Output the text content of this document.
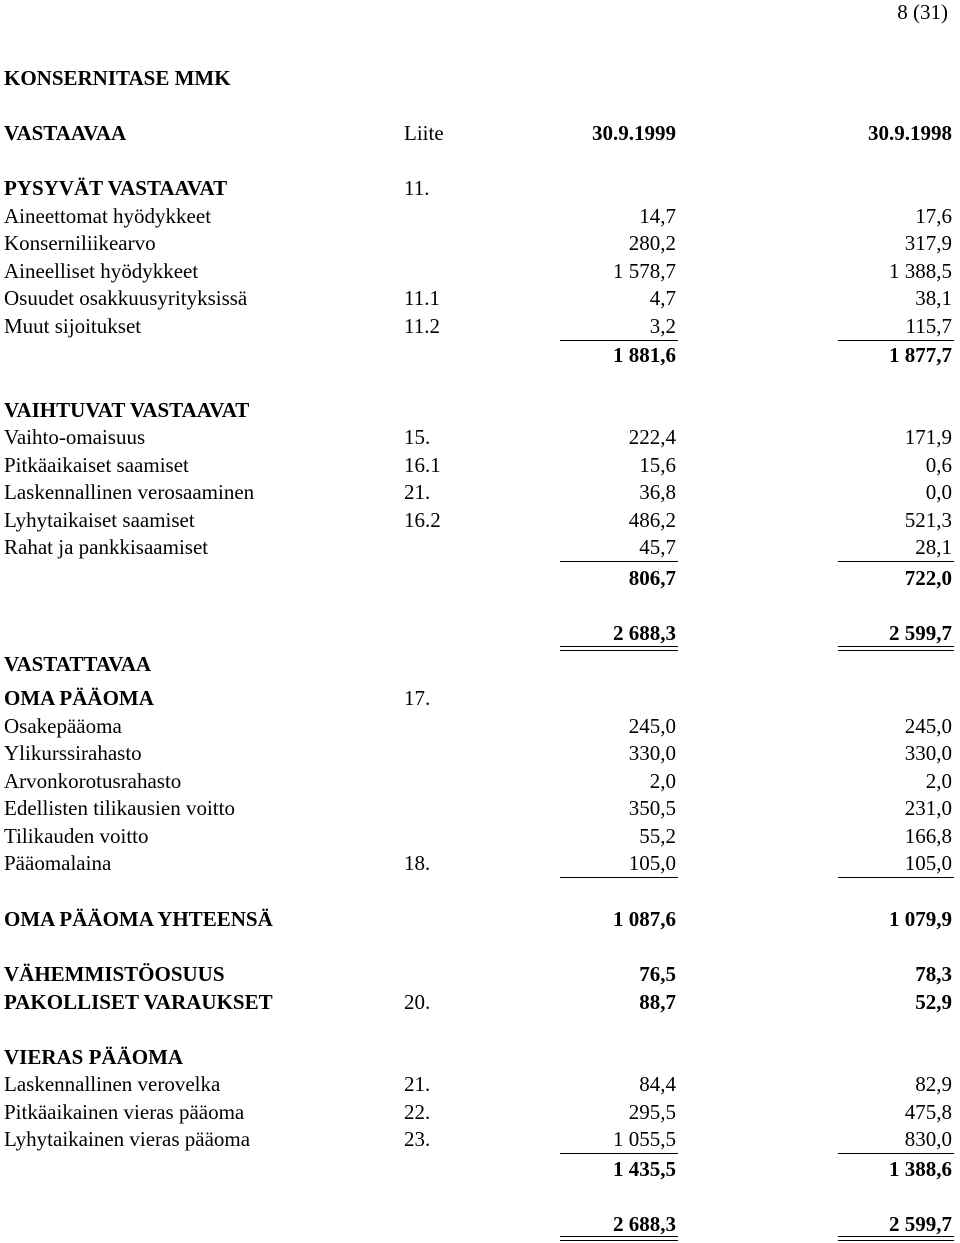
8 (31)
KONSERNITASE MMK
VASTAAVAA	Liite	30.9.1999	30.9.1998
PYSYVÄT VASTAAVAT	11.
Aineettomat hyödykkeet	14,7	17,6
Konserniliikearvo	280,2	317,9
Aineelliset hyödykkeet	1 578,7	1 388,5
Osuudet osakkuusyrityksissä	11.1	4,7	38,1
Muut sijoitukset	11.2	3,2	115,7
1 881,6	1 877,7
VAIHTUVAT VASTAAVAT
Vaihto-omaisuus	15.	222,4	171,9
Pitkäaikaiset saamiset	16.1	15,6	0,6
Laskennallinen verosaaminen	21.	36,8	0,0
Lyhytaikaiset saamiset	16.2	486,2	521,3
Rahat ja pankkisaamiset	45,7	28,1
806,7	722,0
2 688,3	2 599,7
VASTATTAVAA
OMA PÄÄOMA	17.
Osakepääoma	245,0	245,0
Ylikurssirahasto	330,0	330,0
Arvonkorotusrahasto	2,0	2,0
Edellisten tilikausien voitto	350,5	231,0
Tilikauden voitto	55,2	166,8
Pääomalaina	18.	105,0	105,0
OMA PÄÄOMA YHTEENSÄ	1 087,6	1 079,9
VÄHEMMISTÖOSUUS	76,5	78,3
PAKOLLISET VARAUKSET	20.	88,7	52,9
VIERAS PÄÄOMA
Laskennallinen verovelka	21.	84,4	82,9
Pitkäaikainen vieras pääoma	22.	295,5	475,8
Lyhytaikainen vieras pääoma	23.	1 055,5	830,0
1 435,5	1 388,6
2 688,3	2 599,7
